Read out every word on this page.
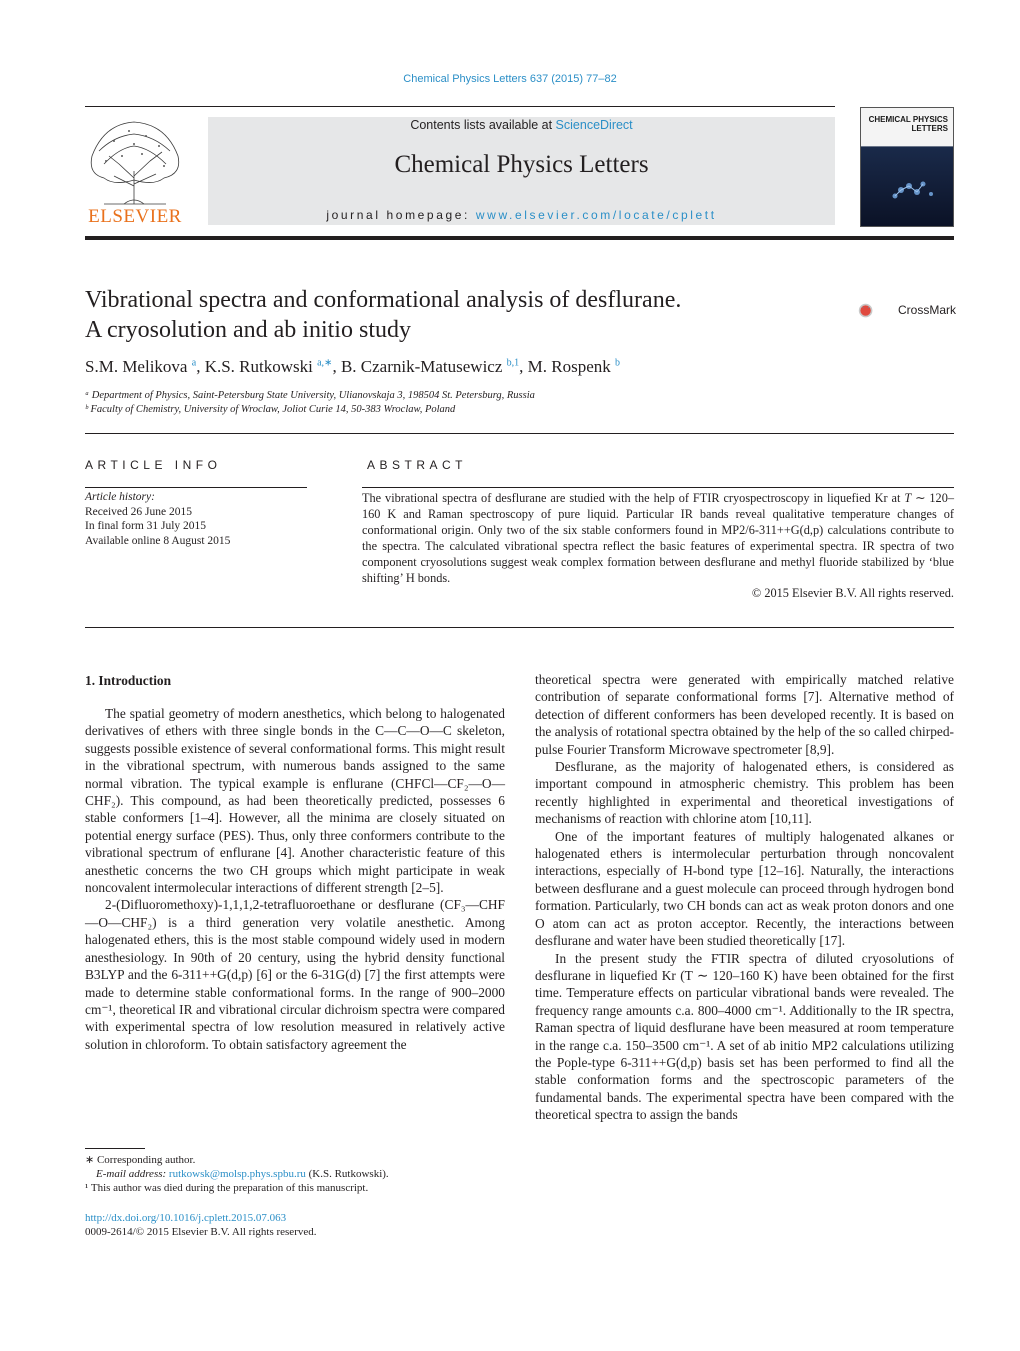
Chemical Physics Letters 637 (2015) 77–82
ELSEVIER
Contents lists available at ScienceDirect
Chemical Physics Letters
journal homepage: www.elsevier.com/locate/cplett
CHEMICAL PHYSICS LETTERS
Vibrational spectra and conformational analysis of desflurane.
A cryosolution and ab initio study
CrossMark
S.M. Melikova $^a$, K.S. Rutkowski $^{a,∗}$, B. Czarnik-Matusewicz $^{b,1}$, M. Rospenk $^b$
ᵃ Department of Physics, Saint-Petersburg State University, Ulianovskaja 3, 198504 St. Petersburg, Russia
ᵇ Faculty of Chemistry, University of Wroclaw, Joliot Curie 14, 50-383 Wroclaw, Poland
ARTICLE INFO
Article history:
Received 26 June 2015
In final form 31 July 2015
Available online 8 August 2015
ABSTRACT
The vibrational spectra of desflurane are studied with the help of FTIR cryospectroscopy in liquefied Kr at T ∼ 120–160 K and Raman spectroscopy of pure liquid. Particular IR bands reveal qualitative temperature changes of conformational origin. Only two of the six stable conformers found in MP2/6-311++G(d,p) calculations contribute to the spectra. The calculated vibrational spectra reflect the basic features of experimental spectra. IR spectra of two component cryosolutions suggest weak complex formation between desflurane and methyl fluoride stabilized by ‘blue shifting’ H bonds.
© 2015 Elsevier B.V. All rights reserved.
1. Introduction

The spatial geometry of modern anesthetics, which belong to halogenated derivatives of ethers with three single bonds in the C—C—O—C skeleton, suggests possible existence of several conformational forms. This might result in the vibrational spectrum, with numerous bands assigned to the same normal vibration. The typical example is enflurane (CHFCl—CF₂—O—CHF₂). This compound, as had been theoretically predicted, possesses 6 stable conformers [1–4]. However, all the minima are closely situated on potential energy surface (PES). Thus, only three conformers contribute to the vibrational spectrum of enflurane [4]. Another characteristic feature of this anesthetic concerns the two CH groups which might participate in weak noncovalent intermolecular interactions of different strength [2–5].

2-(Difluoromethoxy)-1,1,1,2-tetrafluoroethane or desflurane (CF₃—CHF—O—CHF₂) is a third generation very volatile anesthetic. Among halogenated ethers, this is the most stable compound widely used in modern anesthesiology. In 90th of 20 century, using the hybrid density functional B3LYP and the 6-311++G(d,p) [6] or the 6-31G(d) [7] the first attempts were made to determine stable conformational forms. In the range of 900–2000 cm⁻¹, theoretical IR and vibrational circular dichroism spectra were compared with experimental spectra of low resolution measured in relatively active solution in chloroform. To obtain satisfactory agreement the

theoretical spectra were generated with empirically matched relative contribution of separate conformational forms [7]. Alternative method of detection of different conformers has been developed recently. It is based on the analysis of rotational spectra obtained by the help of the so called chirped-pulse Fourier Transform Microwave spectrometer [8,9].

Desflurane, as the majority of halogenated ethers, is considered as important compound in atmospheric chemistry. This problem has been recently highlighted in experimental and theoretical investigations of mechanisms of reaction with chlorine atom [10,11].

One of the important features of multiply halogenated alkanes or halogenated ethers is intermolecular perturbation through noncovalent interactions, especially of H-bond type [12–16]. Naturally, the interactions between desflurane and a guest molecule can proceed through hydrogen bond formation. Particularly, two CH bonds can act as weak proton donors and one O atom can act as proton acceptor. Recently, the interactions between desflurane and water have been studied theoretically [17].

In the present study the FTIR spectra of diluted cryosolutions of desflurane in liquefied Kr (T ∼ 120–160 K) have been obtained for the first time. Temperature effects on particular vibrational bands were revealed. The frequency range amounts c.a. 800–4000 cm⁻¹. Additionally to the IR spectra, Raman spectra of liquid desflurane have been measured at room temperature in the range c.a. 150–3500 cm⁻¹. A set of ab initio MP2 calculations utilizing the Pople-type 6-311++G(d,p) basis set has been performed to find all the stable conformation forms and the spectroscopic parameters of the fundamental bands. The experimental spectra have been compared with the theoretical spectra to assign the bands

∗ Corresponding author.
E-mail address: rutkowsk@molsp.phys.spbu.ru (K.S. Rutkowski).
¹ This author was died during the preparation of this manuscript.
http://dx.doi.org/10.1016/j.cplett.2015.07.063
0009-2614/© 2015 Elsevier B.V. All rights reserved.
